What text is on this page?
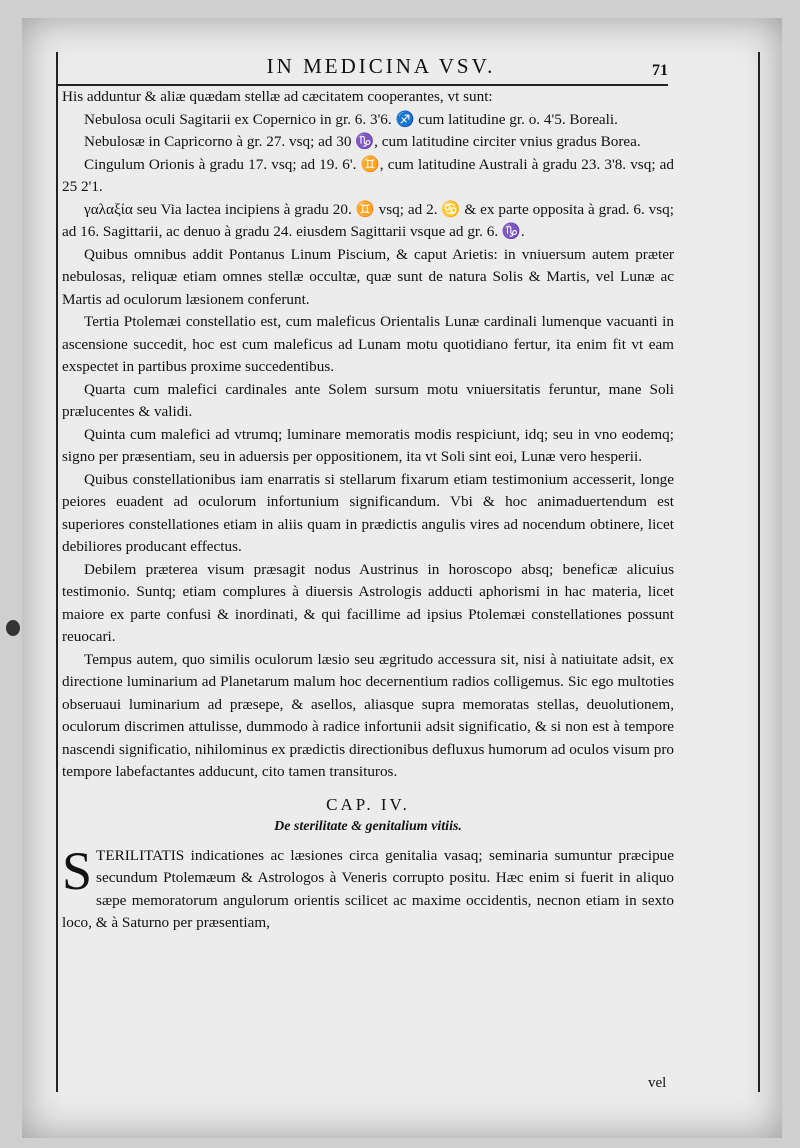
IN MEDICINA VSV.	71

His adduntur & aliæ quædam stellæ ad cæcitatem cooperantes, vt sunt:

Nebulosa oculi Sagitarii ex Copernico in gr. 6. 3'6. ♐ cum latitudine gr. o. 4'5. Boreali.

Nebulosæ in Capricorno à gr. 27. vsq; ad 30 ♑, cum latitudine circiter vnius gradus Borea.

Cingulum Orionis à gradu 17. vsq; ad 19. 6'. ♊, cum latitudine Australi à gradu 23. 3'8. vsq; ad 25 2'1.

γαλαξία seu Via lactea incipiens à gradu 20. ♊ vsq; ad 2. ♋ & ex parte opposita à grad. 6. vsq; ad 16. Sagittarii, ac denuo à gradu 24. eiusdem Sagittarii vsque ad gr. 6. ♑.

Quibus omnibus addit Pontanus Linum Piscium, & caput Arietis: in vniuersum autem præter nebulosas, reliquæ etiam omnes stellæ occultæ, quæ sunt de natura Solis & Martis, vel Lunæ ac Martis ad oculorum læsionem conferunt.

Tertia Ptolemæi constellatio est, cum maleficus Orientalis Lunæ cardinali lumenque vacuanti in ascensione succedit, hoc est cum maleficus ad Lunam motu quotidiano fertur, ita enim fit vt eam exspectet in partibus proxime succedentibus.

Quarta cum malefici cardinales ante Solem sursum motu vniuersitatis feruntur, mane Soli prælucentes & validi.

Quinta cum malefici ad vtrumq; luminare memoratis modis respiciunt, idq; seu in vno eodemq; signo per præsentiam, seu in aduersis per oppositionem, ita vt Soli sint eoi, Lunæ vero hesperii.

Quibus constellationibus iam enarratis si stellarum fixarum etiam testimonium accesserit, longe peiores euadent ad oculorum infortunium significandum. Vbi & hoc animaduertendum est superiores constellationes etiam in aliis quam in prædictis angulis vires ad nocendum obtinere, licet debiliores producant effectus.

Debilem præterea visum præsagit nodus Austrinus in horoscopo absq; beneficæ alicuius testimonio. Suntq; etiam complures à diuersis Astrologis adducti aphorismi in hac materia, licet maiore ex parte confusi & inordinati, & qui facillime ad ipsius Ptolemæi constellationes possunt reuocari.

Tempus autem, quo similis oculorum læsio seu ægritudo accessura sit, nisi à natiuitate adsit, ex directione luminarium ad Planetarum malum hoc decernentium radios colligemus. Sic ego multoties obseruaui luminarium ad præsepe, & asellos, aliasque supra memoratas stellas, deuolutionem, oculorum discrimen attulisse, dummodo à radice infortunii adsit significatio, & si non est à tempore nascendi significatio, nihilominus ex prædictis directionibus defluxus humorum ad oculos visum pro tempore labefactantes adducunt, cito tamen transituros.

CAP. IV.

De sterilitate & genitalium vitiis.

STERILITATIS indicationes ac læsiones circa genitalia vasaq; seminaria sumuntur præcipue secundum Ptolemæum & Astrologos à Veneris corrupto positu. Hæc enim si fuerit in aliquo sæpe memoratorum angulorum orientis scilicet ac maxime occidentis, necnon etiam in sexto loco, & à Saturno per præsentiam,

vel
